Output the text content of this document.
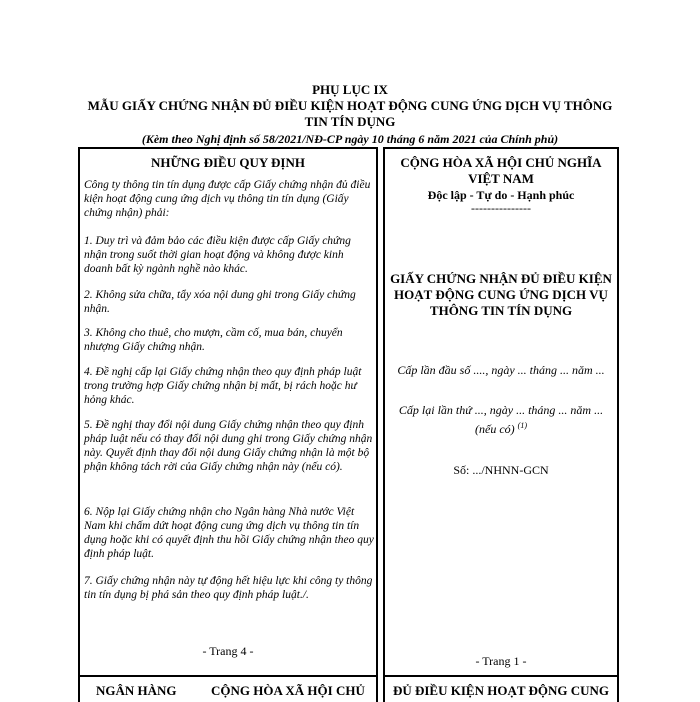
PHỤ LỤC IX
MẪU GIẤY CHỨNG NHẬN ĐỦ ĐIỀU KIỆN HOẠT ĐỘNG CUNG ỨNG DỊCH VỤ THÔNG TIN TÍN DỤNG
(Kèm theo Nghị định số 58/2021/NĐ-CP ngày 10 tháng 6 năm 2021 của Chính phủ)
NHỮNG ĐIỀU QUY ĐỊNH
Công ty thông tin tín dụng được cấp Giấy chứng nhận đủ điều kiện hoạt động cung ứng dịch vụ thông tin tín dụng (Giấy chứng nhận) phải:
1. Duy trì và đảm bảo các điều kiện được cấp Giấy chứng nhận trong suốt thời gian hoạt động và không được kinh doanh bất kỳ ngành nghề nào khác.
2. Không sửa chữa, tẩy xóa nội dung ghi trong Giấy chứng nhận.
3. Không cho thuê, cho mượn, cầm cố, mua bán, chuyển nhượng Giấy chứng nhận.
4. Đề nghị cấp lại Giấy chứng nhận theo quy định pháp luật trong trường hợp Giấy chứng nhận bị mất, bị rách hoặc hư hỏng khác.
5. Đề nghị thay đổi nội dung Giấy chứng nhận theo quy định pháp luật nếu có thay đổi nội dung ghi trong Giấy chứng nhận này. Quyết định thay đổi nội dung Giấy chứng nhận là một bộ phận không tách rời của Giấy chứng nhận này (nếu có).
6. Nộp lại Giấy chứng nhận cho Ngân hàng Nhà nước Việt Nam khi chấm dứt hoạt động cung ứng dịch vụ thông tin tín dụng hoặc khi có quyết định thu hồi Giấy chứng nhận theo quy định pháp luật.
7. Giấy chứng nhận này tự động hết hiệu lực khi công ty thông tin tín dụng bị phá sản theo quy định pháp luật./.
- Trang 4 -
NGÂN HÀNG	CỘNG HÒA XÃ HỘI CHỦ
CỘNG HÒA XÃ HỘI CHỦ NGHĨA VIỆT NAM
Độc lập - Tự do - Hạnh phúc
---------------
GIẤY CHỨNG NHẬN ĐỦ ĐIỀU KIỆN HOẠT ĐỘNG CUNG ỨNG DỊCH VỤ THÔNG TIN TÍN DỤNG
Cấp lần đầu số ...., ngày ... tháng ... năm ...
Cấp lại lần thứ ..., ngày ... tháng ... năm ... (nếu có) $^{(1)}$
Số: .../NHNN-GCN
- Trang 1 -
ĐỦ ĐIỀU KIỆN HOẠT ĐỘNG CUNG
